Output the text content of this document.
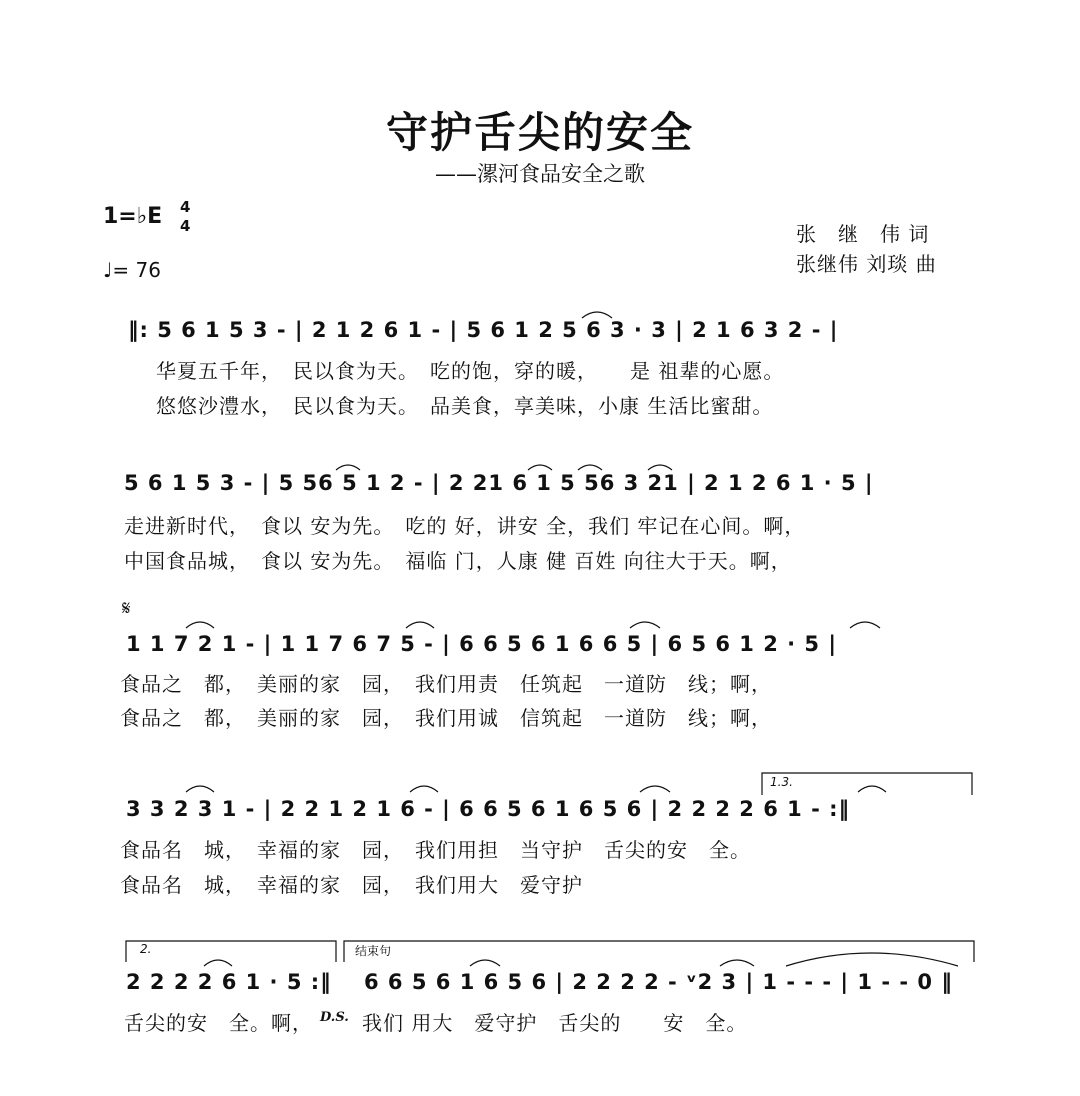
守护舌尖的安全
——漯河食品安全之歌
1=♭E 4
4
♩= 76
张　继　伟 词
张继伟 刘琰 曲
‖: 5 6 1 5 3 - | 2 1 2 6 1 - | 5 6 1 2 5 6 3 · 3 | 2 1 6 3 2 - |
华夏五千年，　民以食为天。　吃的饱，穿的暖，　　是 祖辈的心愿。
悠悠沙澧水，　民以食为天。　品美食，享美味，小康 生活比蜜甜。
5 6 1 5 3 - | 5 56 5 1 2 - | 2 21 6 1 5 56 3 21 | 2 1 2 6 1 · 5 |
走进新时代，　食以 安为先。　吃的 好，讲安 全，我们 牢记在心间。啊，
中国食品城，　食以 安为先。　福临 门，人康 健 百姓 向往大于天。啊，
𝄋
1 1 7 2 1 - | 1 1 7 6 7 5 - | 6 6 5 6 1 6 6 5 | 6 5 6 1 2 · 5 |
食品之　都，　美丽的家　园，　我们用责　任筑起　一道防　线；啊，
食品之　都，　美丽的家　园，　我们用诚　信筑起　一道防　线；啊，
1.3.
3 3 2 3 1 - | 2 2 1 2 1 6 - | 6 6 5 6 1 6 5 6 | 2 2 2 2 6 1 - :‖
食品名　城，　幸福的家　园，　我们用担　当守护　舌尖的安　全。
食品名　城，　幸福的家　园，　我们用大　爱守护
2.	结束句
2 2 2 2 6 1 · 5 :‖ 6 6 5 6 1 6 5 6 | 2 2 2 2 - ᵛ2 3 | 1 - - - | 1 - - 0 ‖
舌尖的安　全。啊， D.S. 我们 用大　爱守护　舌尖的　　安　全。
